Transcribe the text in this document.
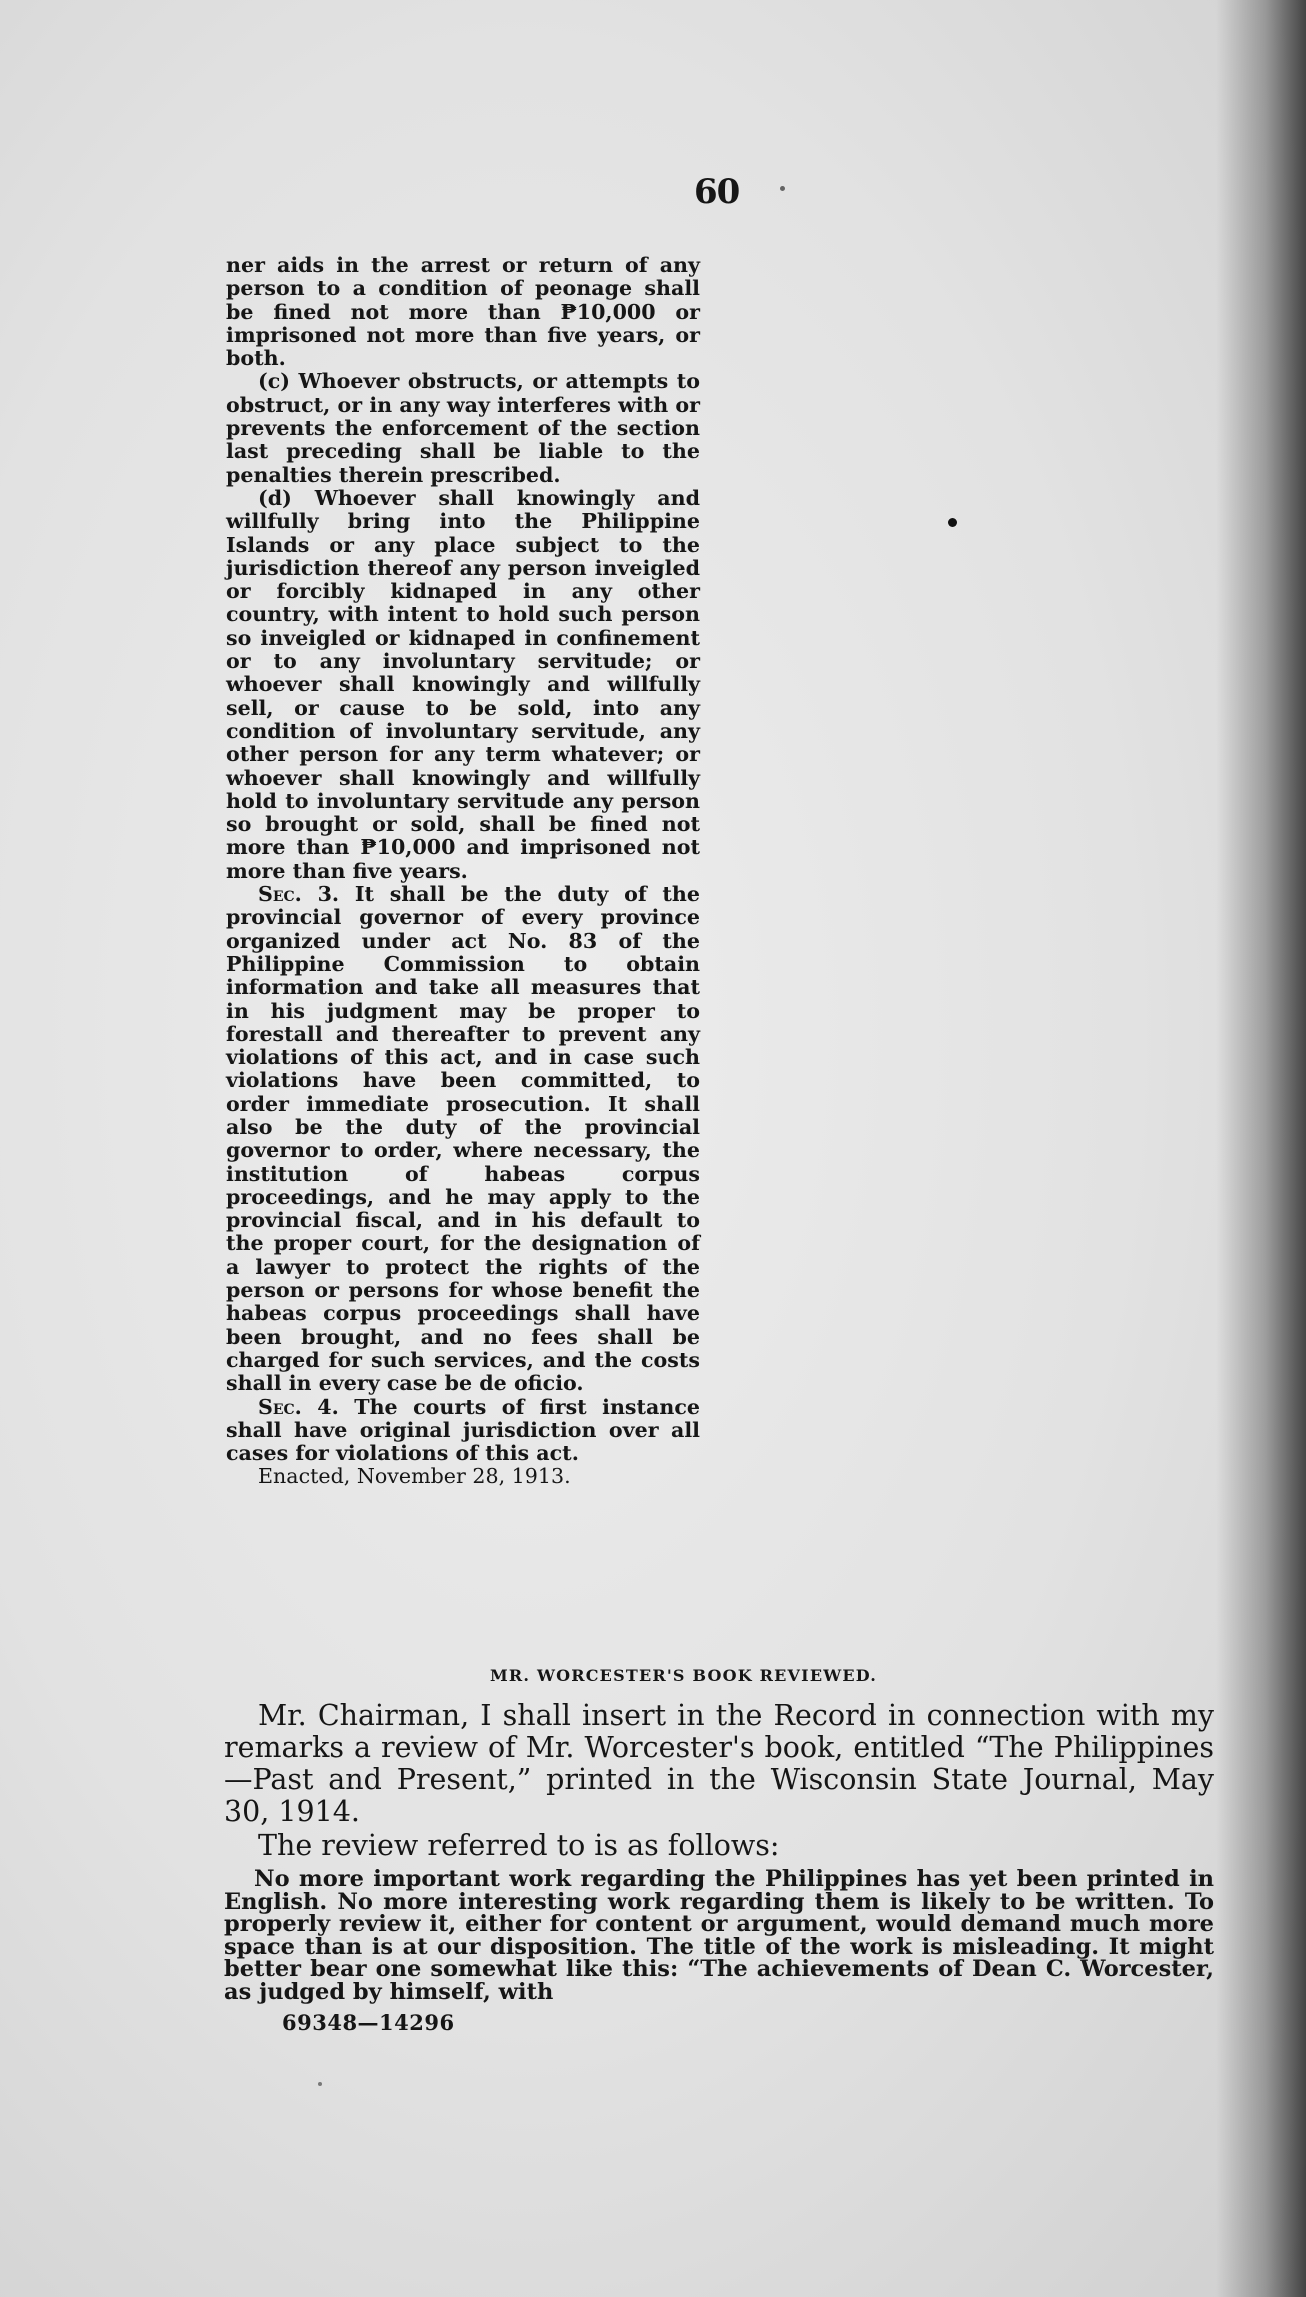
60

ner aids in the arrest or return of any person to a condition of peonage shall be fined not more than ₱10,000 or imprisoned not more than five years, or both.

(c) Whoever obstructs, or attempts to obstruct, or in any way interferes with or prevents the enforcement of the section last preceding shall be liable to the penalties therein prescribed.

(d) Whoever shall knowingly and willfully bring into the Philippine Islands or any place subject to the jurisdiction thereof any person inveigled or forcibly kidnaped in any other country, with intent to hold such person so inveigled or kidnaped in confinement or to any involuntary servitude; or whoever shall knowingly and willfully sell, or cause to be sold, into any condition of involuntary servitude, any other person for any term whatever; or whoever shall knowingly and willfully hold to involuntary servitude any person so brought or sold, shall be fined not more than ₱10,000 and imprisoned not more than five years.

Sec. 3. It shall be the duty of the provincial governor of every province organized under act No. 83 of the Philippine Commission to obtain information and take all measures that in his judgment may be proper to forestall and thereafter to prevent any violations of this act, and in case such violations have been committed, to order immediate prosecution. It shall also be the duty of the provincial governor to order, where necessary, the institution of habeas corpus proceedings, and he may apply to the provincial fiscal, and in his default to the proper court, for the designation of a lawyer to protect the rights of the person or persons for whose benefit the habeas corpus proceedings shall have been brought, and no fees shall be charged for such services, and the costs shall in every case be de oficio.

Sec. 4. The courts of first instance shall have original jurisdiction over all cases for violations of this act.

Enacted, November 28, 1913.

MR. WORCESTER'S BOOK REVIEWED.

Mr. Chairman, I shall insert in the Record in connection with my remarks a review of Mr. Worcester's book, entitled “The Philippines—Past and Present,” printed in the Wisconsin State Journal, May 30, 1914.

The review referred to is as follows:

No more important work regarding the Philippines has yet been printed in English. No more interesting work regarding them is likely to be written. To properly review it, either for content or argument, would demand much more space than is at our disposition. The title of the work is misleading. It might better bear one somewhat like this: “The achievements of Dean C. Worcester, as judged by himself, with

69348—14296
